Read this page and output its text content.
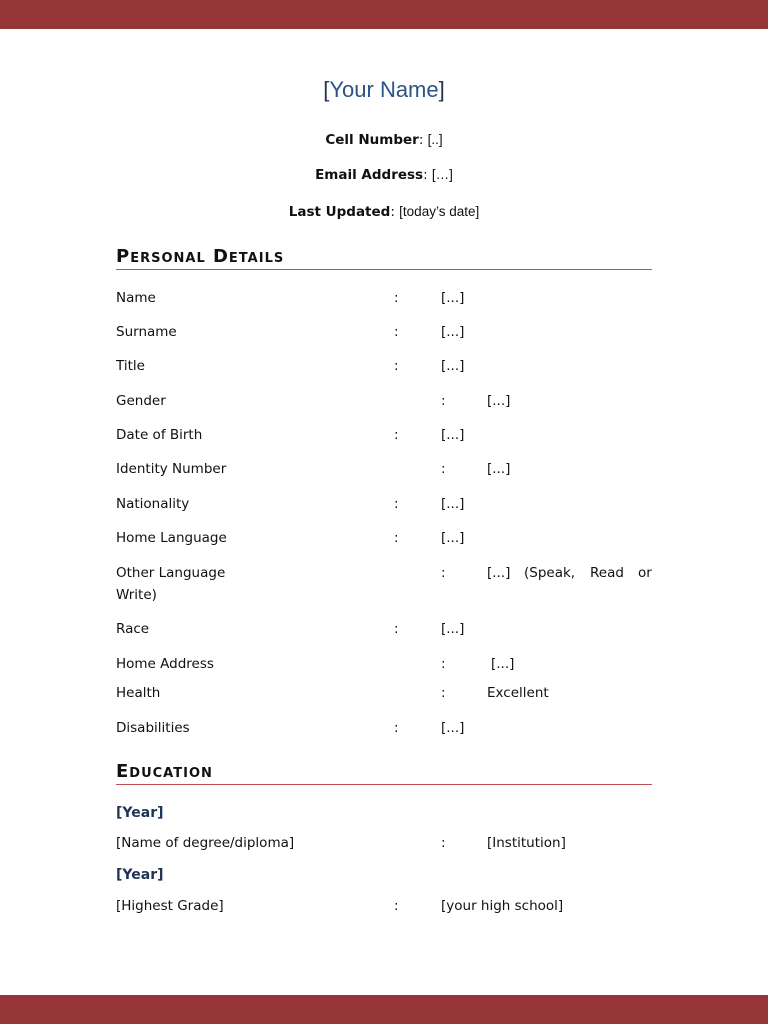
[Your Name]
Cell Number: [..]
Email Address: […]
Last Updated: [today’s date]
Personal Details
Name	:	[...]
Surname	:	[...]
Title	:	[...]
Gender	:	[...]
Date of Birth	:	[...]
Identity Number	:	[...]
Nationality	:	[...]
Home Language	:	[...]
Other Language	:	[...] (Speak, Read or
Write)
Race	:	[...]
Home Address	:	[...]
Health	:	Excellent
Disabilities	:	[...]
Education
[Year]
[Name of degree/diploma]	:	[Institution]
[Year]
[Highest Grade]	:	[your high school]
